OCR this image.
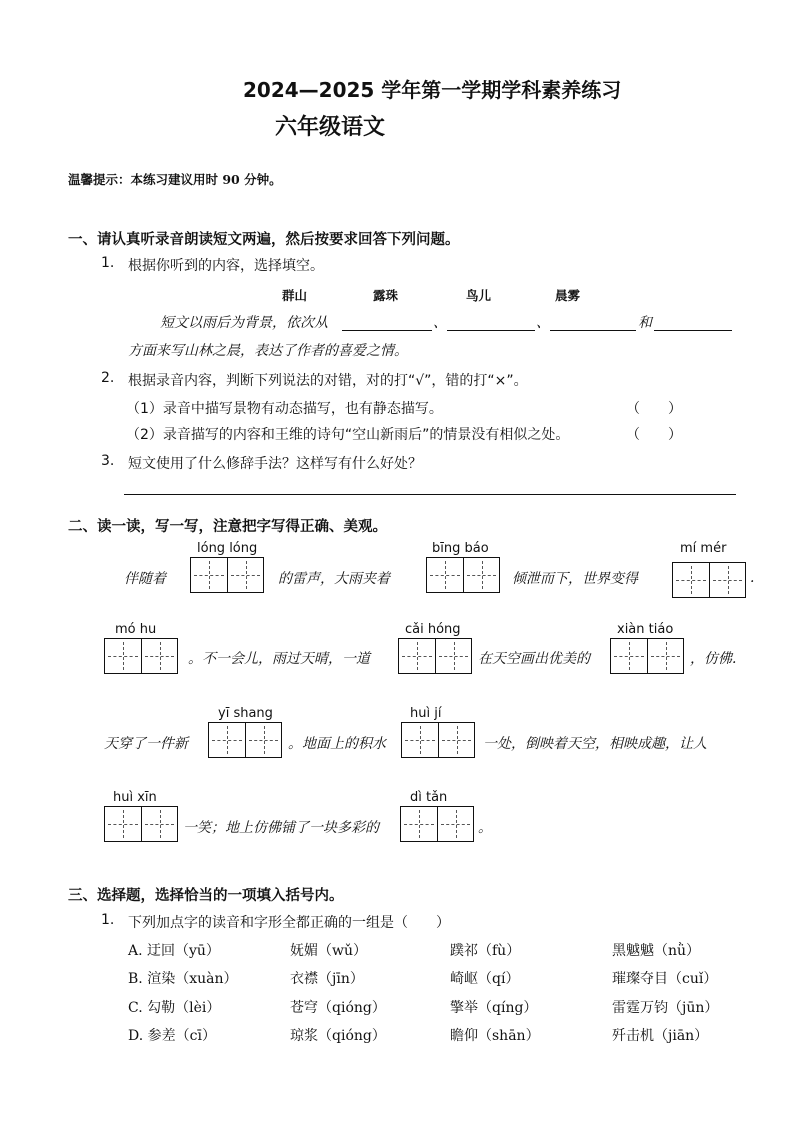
2024—2025 学年第一学期学科素养练习
六年级语文
温馨提示：本练习建议用时 90 分钟。
一、请认真听录音朗读短文两遍，然后按要求回答下列问题。
1. 根据你听到的内容，选择填空。
群山	露珠	鸟儿	晨雾
短文以雨后为背景，依次从	、	、	和
方面来写山林之晨，表达了作者的喜爱之情。
2. 根据录音内容，判断下列说法的对错，对的打“√”，错的打“×”。
（1）录音中描写景物有动态描写，也有静态描写。	（　　）
（2）录音描写的内容和王维的诗句“空山新雨后”的情景没有相似之处。	（　　）
3. 短文使用了什么修辞手法？这样写有什么好处？
二、读一读，写一写，注意把字写得正确、美观。
lóng lóng	bīng báo	mí mér
伴随着	的雷声，大雨夹着	倾泄而下，世界变得	.
mó hu	cǎi hóng	xiàn tiáo
。不一会儿，雨过天晴，一道	在天空画出优美的	，仿佛.
yī shang	huì jí
天穿了一件新	。地面上的积水	一处，倒映着天空，相映成趣，让人
huì xīn	dì tǎn
一笑；地上仿佛铺了一块多彩的	。
三、选择题，选择恰当的一项填入括号内。
1. 下列加点字的读音和字形全都正确的一组是（　　）
A. 迂回（yū）	妩媚（wǔ）	蹼祁（fù）	黑魆魆（nǜ）
B. 渲染（xuàn）	衣襟（jīn）	崎岖（qí）	璀璨夺目（cuǐ）
C. 勾勒（lèi）	苍穹（qióng）	擎举（qíng）	雷霆万钧（jūn）
D. 参差（cī）	琼浆（qióng）	瞻仰（shān）	歼击机（jiān）
